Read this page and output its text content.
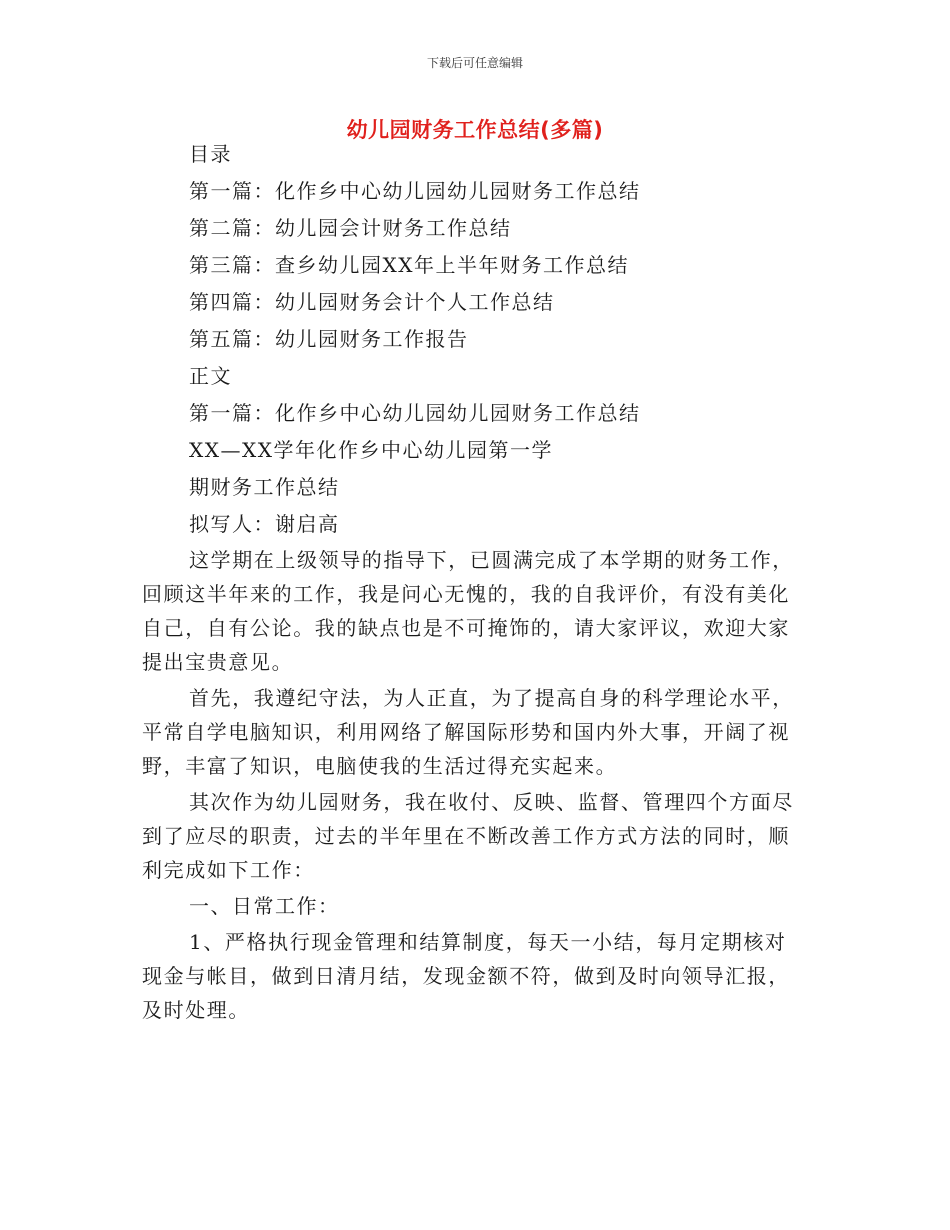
下载后可任意编辑
幼儿园财务工作总结(多篇)
目录
第一篇：化作乡中心幼儿园幼儿园财务工作总结
第二篇：幼儿园会计财务工作总结
第三篇：查乡幼儿园XX年上半年财务工作总结
第四篇：幼儿园财务会计个人工作总结
第五篇：幼儿园财务工作报告
正文
第一篇：化作乡中心幼儿园幼儿园财务工作总结
XX—XX学年化作乡中心幼儿园第一学
期财务工作总结
拟写人：谢启高

这学期在上级领导的指导下，已圆满完成了本学期的财务工作，回顾这半年来的工作，我是问心无愧的，我的自我评价，有没有美化自己，自有公论。我的缺点也是不可掩饰的，请大家评议，欢迎大家提出宝贵意见。

首先，我遵纪守法，为人正直，为了提高自身的科学理论水平，平常自学电脑知识，利用网络了解国际形势和国内外大事，开阔了视野，丰富了知识，电脑使我的生活过得充实起来。

其次作为幼儿园财务，我在收付、反映、监督、管理四个方面尽到了应尽的职责，过去的半年里在不断改善工作方式方法的同时，顺利完成如下工作：

一、日常工作：

1、严格执行现金管理和结算制度，每天一小结，每月定期核对现金与帐目，做到日清月结，发现金额不符，做到及时向领导汇报，及时处理。
